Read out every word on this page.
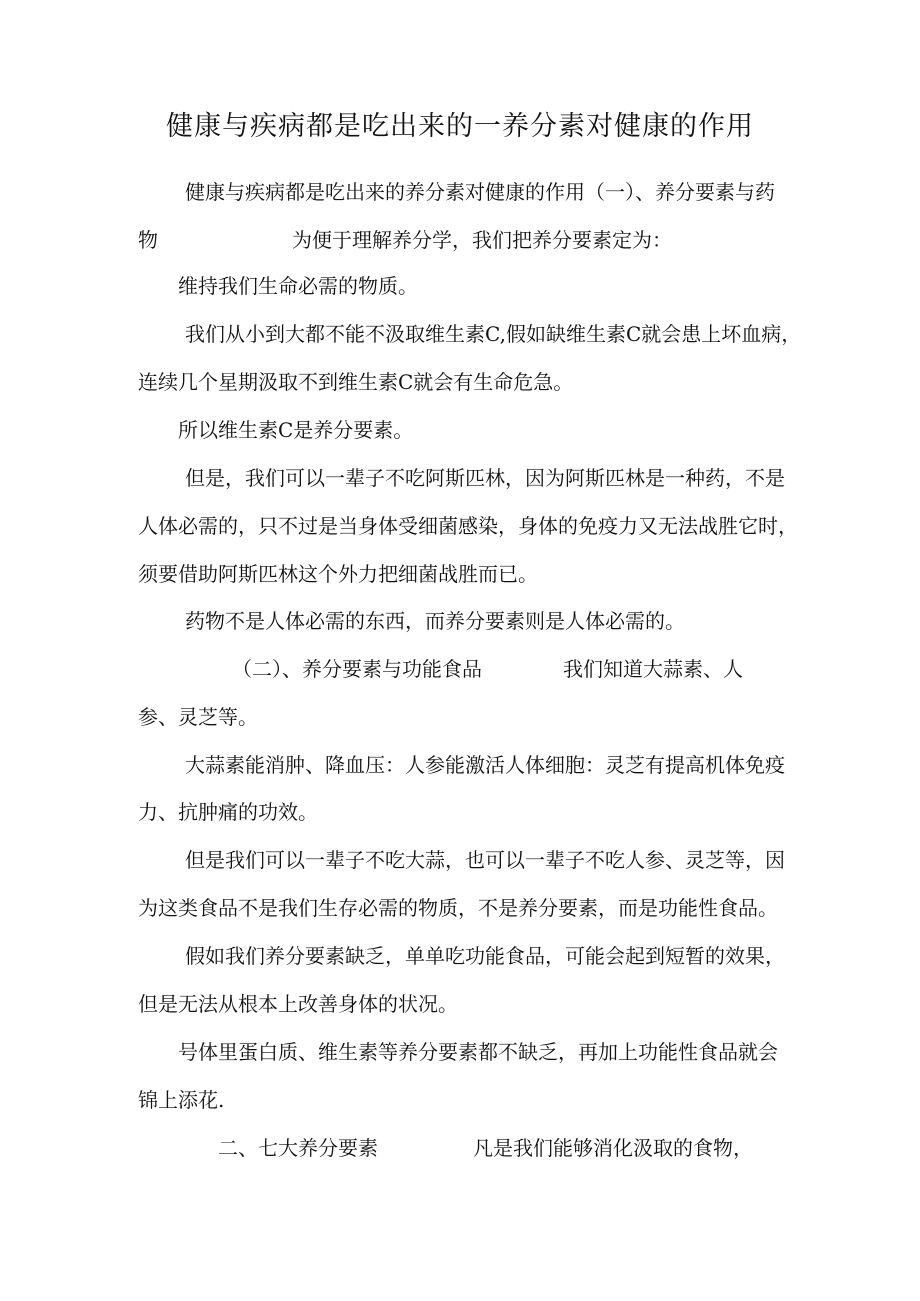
健康与疾病都是吃出来的一养分素对健康的作用
健康与疾病都是吃出来的养分素对健康的作用（一）、养分要素与药
物	为便于理解养分学，我们把养分要素定为：
维持我们生命必需的物质。
我们从小到大都不能不汲取维生素C,假如缺维生素C就会患上坏血病，
连续几个星期汲取不到维生素C就会有生命危急。
所以维生素C是养分要素。
但是，我们可以一辈子不吃阿斯匹林，因为阿斯匹林是一种药，不是
人体必需的，只不过是当身体受细菌感染，身体的免疫力又无法战胜它时，
须要借助阿斯匹林这个外力把细菌战胜而已。
药物不是人体必需的东西，而养分要素则是人体必需的。
（二）、养分要素与功能食品	我们知道大蒜素、人
参、灵芝等。
大蒜素能消肿、降血压：人参能激活人体细胞：灵芝有提高机体免疫
力、抗肿痛的功效。
但是我们可以一辈子不吃大蒜，也可以一辈子不吃人参、灵芝等，因
为这类食品不是我们生存必需的物质，不是养分要素，而是功能性食品。
假如我们养分要素缺乏，单单吃功能食品，可能会起到短暂的效果，
但是无法从根本上改善身体的状况。
号体里蛋白质、维生素等养分要素都不缺乏，再加上功能性食品就会
锦上添花.
二、七大养分要素	凡是我们能够消化汲取的食物，
